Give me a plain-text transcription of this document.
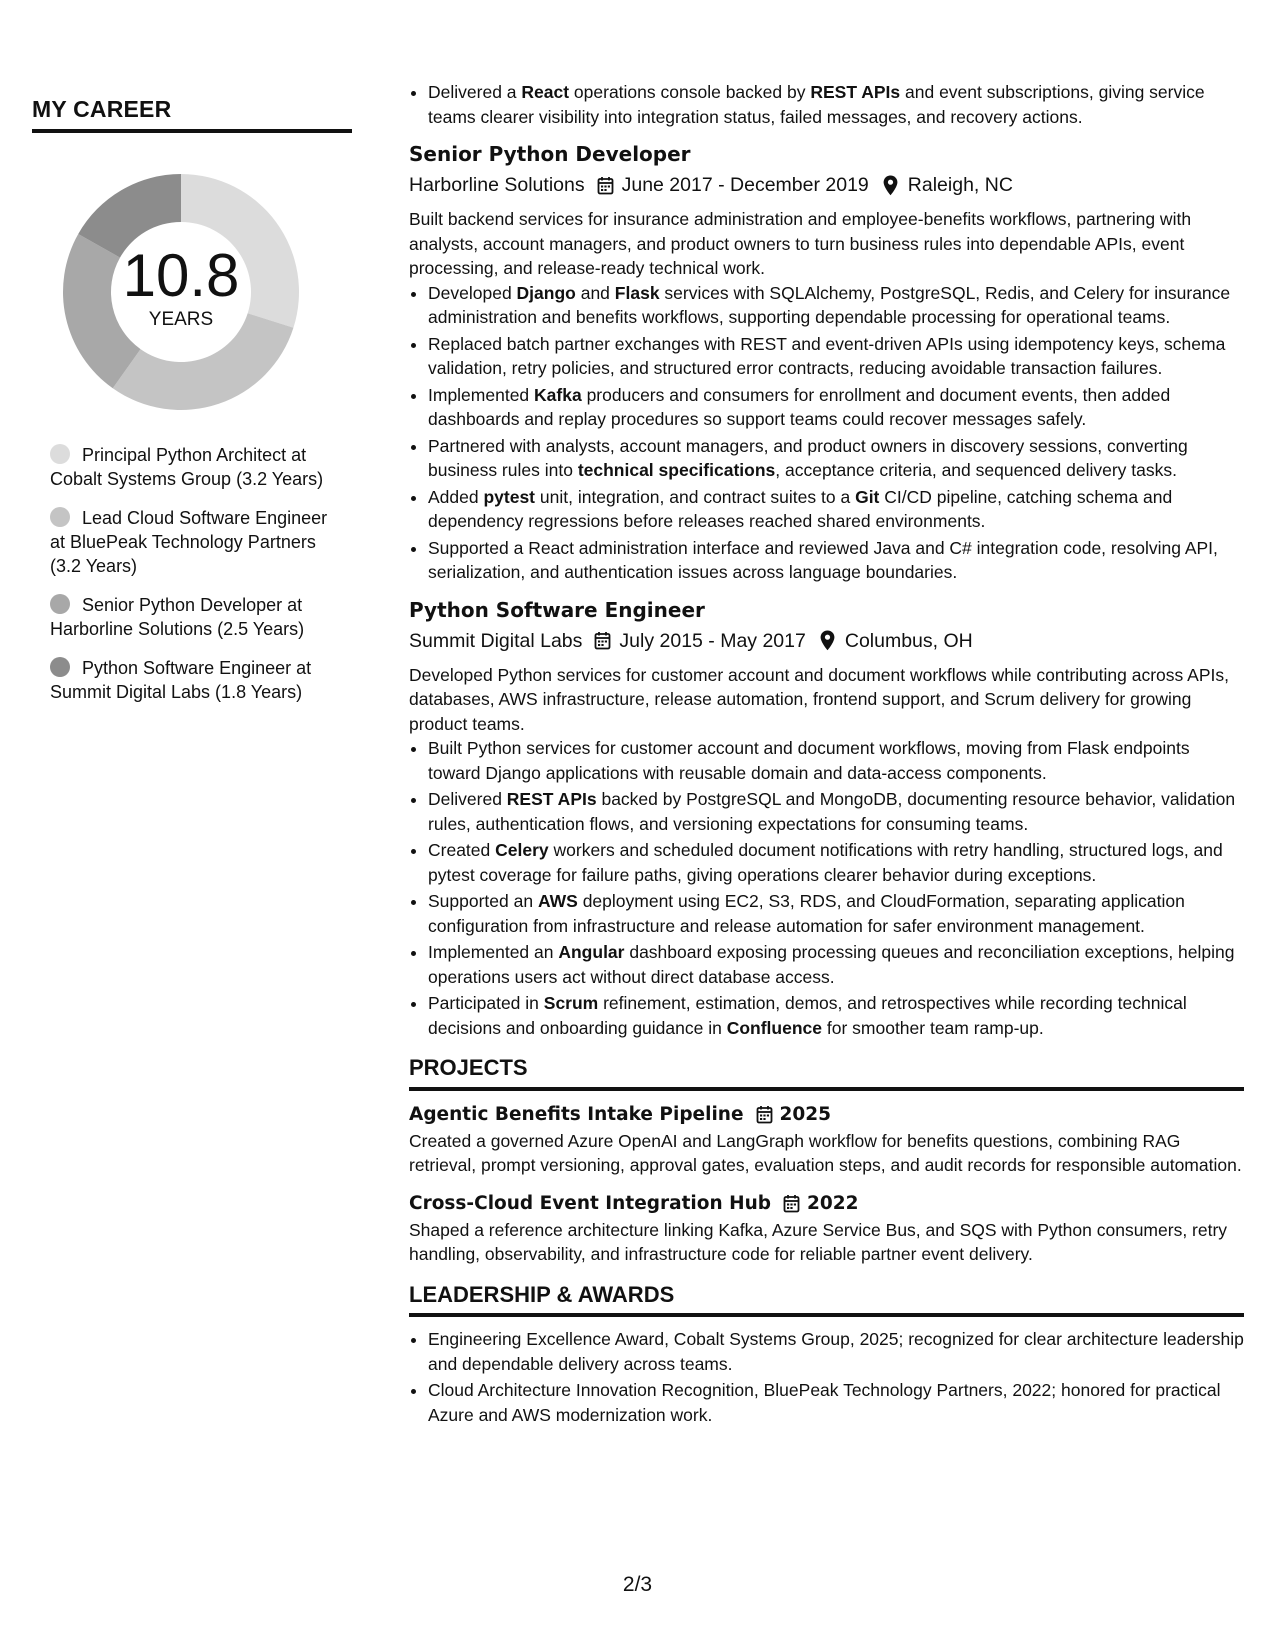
MY CAREER
10.8
YEARS
Principal Python Architect at Cobalt Systems Group (3.2 Years)
Lead Cloud Software Engineer at BluePeak Technology Partners (3.2 Years)
Senior Python Developer at Harborline Solutions (2.5 Years)
Python Software Engineer at Summit Digital Labs (1.8 Years)
• Delivered a React operations console backed by REST APIs and event subscriptions, giving service teams clearer visibility into integration status, failed messages, and recovery actions.
Senior Python Developer
Harborline Solutions June 2017 - December 2019 Raleigh, NC
Built backend services for insurance administration and employee-benefits workflows, partnering with analysts, account managers, and product owners to turn business rules into dependable APIs, event processing, and release-ready technical work.
• Developed Django and Flask services with SQLAlchemy, PostgreSQL, Redis, and Celery for insurance administration and benefits workflows, supporting dependable processing for operational teams.
• Replaced batch partner exchanges with REST and event-driven APIs using idempotency keys, schema validation, retry policies, and structured error contracts, reducing avoidable transaction failures.
• Implemented Kafka producers and consumers for enrollment and document events, then added dashboards and replay procedures so support teams could recover messages safely.
• Partnered with analysts, account managers, and product owners in discovery sessions, converting business rules into technical specifications, acceptance criteria, and sequenced delivery tasks.
• Added pytest unit, integration, and contract suites to a Git CI/CD pipeline, catching schema and dependency regressions before releases reached shared environments.
• Supported a React administration interface and reviewed Java and C# integration code, resolving API, serialization, and authentication issues across language boundaries.
Python Software Engineer
Summit Digital Labs July 2015 - May 2017 Columbus, OH
Developed Python services for customer account and document workflows while contributing across APIs, databases, AWS infrastructure, release automation, frontend support, and Scrum delivery for growing product teams.
• Built Python services for customer account and document workflows, moving from Flask endpoints toward Django applications with reusable domain and data-access components.
• Delivered REST APIs backed by PostgreSQL and MongoDB, documenting resource behavior, validation rules, authentication flows, and versioning expectations for consuming teams.
• Created Celery workers and scheduled document notifications with retry handling, structured logs, and pytest coverage for failure paths, giving operations clearer behavior during exceptions.
• Supported an AWS deployment using EC2, S3, RDS, and CloudFormation, separating application configuration from infrastructure and release automation for safer environment management.
• Implemented an Angular dashboard exposing processing queues and reconciliation exceptions, helping operations users act without direct database access.
• Participated in Scrum refinement, estimation, demos, and retrospectives while recording technical decisions and onboarding guidance in Confluence for smoother team ramp-up.
PROJECTS
Agentic Benefits Intake Pipeline 2025
Created a governed Azure OpenAI and LangGraph workflow for benefits questions, combining RAG retrieval, prompt versioning, approval gates, evaluation steps, and audit records for responsible automation.
Cross-Cloud Event Integration Hub 2022
Shaped a reference architecture linking Kafka, Azure Service Bus, and SQS with Python consumers, retry handling, observability, and infrastructure code for reliable partner event delivery.
LEADERSHIP & AWARDS
• Engineering Excellence Award, Cobalt Systems Group, 2025; recognized for clear architecture leadership and dependable delivery across teams.
• Cloud Architecture Innovation Recognition, BluePeak Technology Partners, 2022; honored for practical Azure and AWS modernization work.
2/3
